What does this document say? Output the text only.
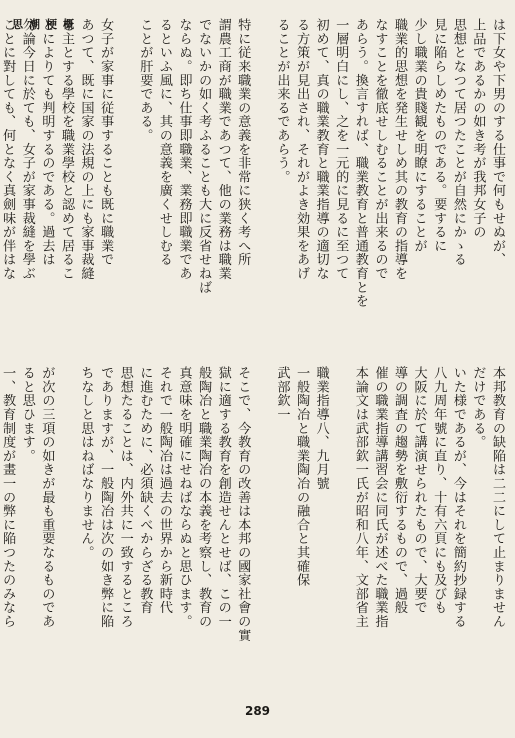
思潮梗概	は下女や下男のする仕事で何もせぬが、

上品であるかの如き考が我邦女子の

思想となつて居つたことが自然にかゝる

見に陥らしめたものである。要するに

少し職業の貴賤観を明瞭にすることが

職業的思想を発生せしめ其の教育の指導を

なすことを徹底せしむることが出来るので

あらう。換言すれば、職業教育と普通教育とを

一層明白にし、之を一元的に見るに至つて

初めて、真の職業教育と職業指導の適切な

る方策が見出され、それがよき効果をあげ

ることが出来るであらう。

特に従来職業の意義を非常に狭く考へ所

謂農工商が職業であつて、他の業務は職業

でないかの如く考ふることも大に反省せねば

ならぬ。即ち仕事即職業、業務即職業であ

るといふ風に、其の意義を廣くせしむる

ことが肝要である。

女子が家事に従事することも既に職業で

あつて、既に国家の法規の上にも家事裁縫

を主とする學校を職業學校と認めて居るこ

とによりても判明するのである。過去は

勿論今日に於ても、女子が家事裁縫を學ぶ

ことに對しても、何となく真劍味が伴はな

本邦教育の缺陥は二二にして止まりません

だけである。

いた様であるが、今はそれを簡約抄録する

八九周年號に直り、十有六頁にも及びも

大阪に於て講演せられたもので、大要で

導の調査の趨勢を敷衍するもので、過般

催の職業指導講習会に同氏が述べた職業指

本論文は武部欽一氏が昭和八年、文部省主

職業指導八、九月號

一般陶冶と職業陶冶の融合と其確保

武部欽一

そこで、今教育の改善は本邦の國家社會の實

獄に適する教育を創造せんとせば、この一

般陶冶と職業陶冶の本義を考察し、教育の

真意味を明確にせねばならぬと思ひます。

それで一般陶冶は過去の世界から新時代

に進むために、必須缺くべからざる教育

思想たることは、内外共に一致するところ

でありますが、一般陶冶は次の如き弊に陥

ちなしと思はねばなりません。

が次の三項の如きが最も重要なるものであ

ると思ひます。

一、教育制度が畫一の弊に陥つたのみなら

289
